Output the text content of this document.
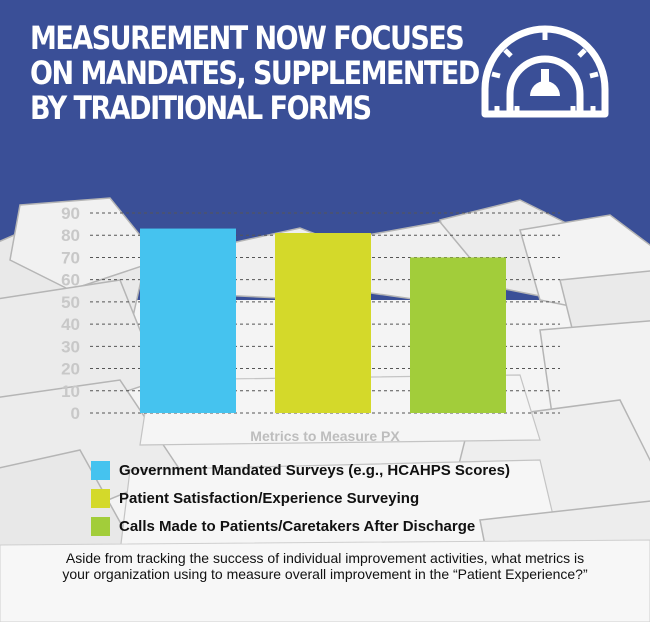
MEASUREMENT NOW FOCUSES
ON MANDATES, SUPPLEMENTED
BY TRADITIONAL FORMS
0
10
20
30
40
50
60
70
80
90
Metrics to Measure PX
Government Mandated Surveys (e.g., HCAHPS Scores)
Patient Satisfaction/Experience Surveying
Calls Made to Patients/Caretakers After Discharge
Aside from tracking the success of individual improvement activities, what metrics is your organization using to measure overall improvement in the “Patient Experience?”
